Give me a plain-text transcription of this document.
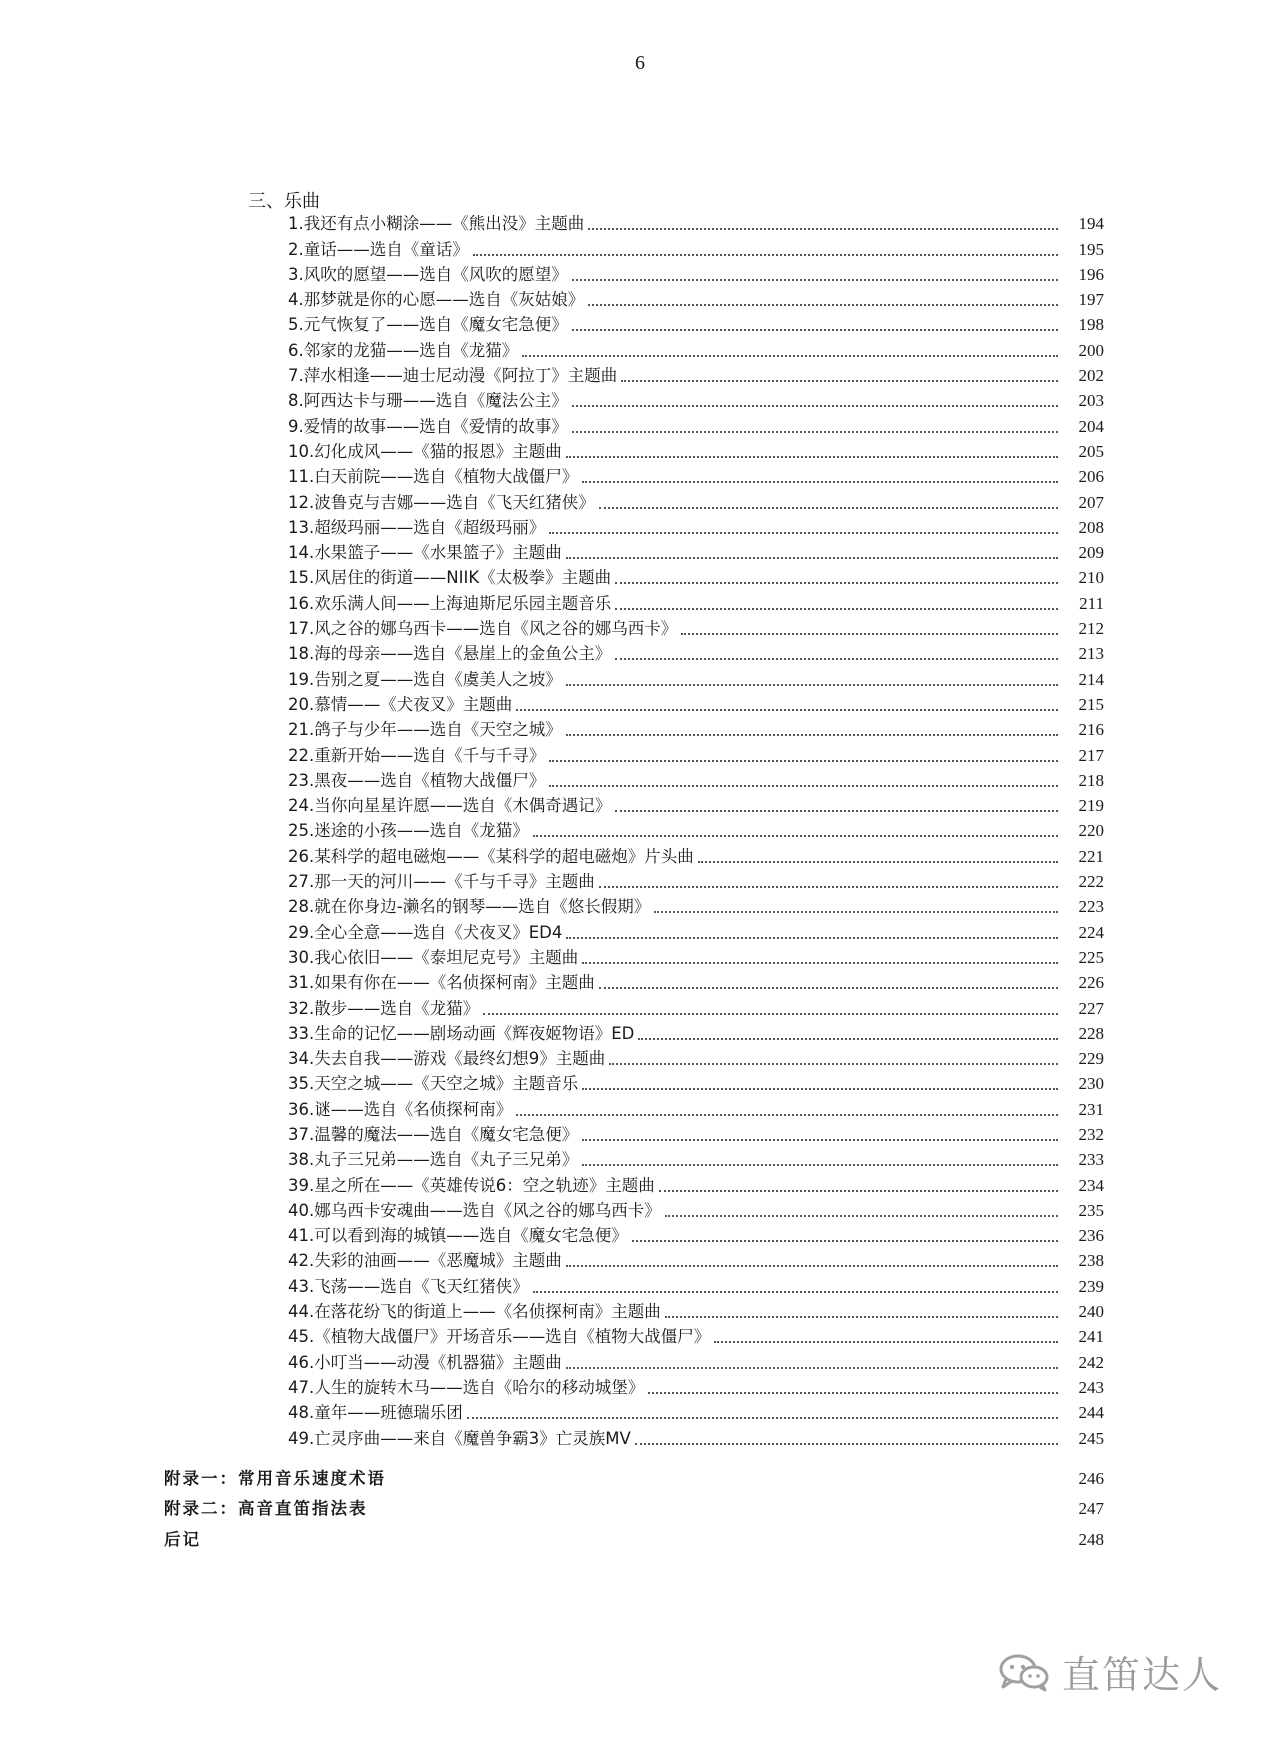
6
三、乐曲
1.我还有点小糊涂——《熊出没》主题曲	194
2.童话——选自《童话》	195
3.风吹的愿望——选自《风吹的愿望》	196
4.那梦就是你的心愿——选自《灰姑娘》	197
5.元气恢复了——选自《魔女宅急便》	198
6.邻家的龙猫——选自《龙猫》	200
7.萍水相逢——迪士尼动漫《阿拉丁》主题曲	202
8.阿西达卡与珊——选自《魔法公主》	203
9.爱情的故事——选自《爱情的故事》	204
10.幻化成风——《猫的报恩》主题曲	205
11.白天前院——选自《植物大战僵尸》	206
12.波鲁克与吉娜——选自《飞天红猪侠》	207
13.超级玛丽——选自《超级玛丽》	208
14.水果篮子——《水果篮子》主题曲	209
15.风居住的街道——NIIK《太极拳》主题曲	210
16.欢乐满人间——上海迪斯尼乐园主题音乐	211
17.风之谷的娜乌西卡——选自《风之谷的娜乌西卡》	212
18.海的母亲——选自《悬崖上的金鱼公主》	213
19.告别之夏——选自《虞美人之坡》	214
20.慕情——《犬夜叉》主题曲	215
21.鸽子与少年——选自《天空之城》	216
22.重新开始——选自《千与千寻》	217
23.黑夜——选自《植物大战僵尸》	218
24.当你向星星许愿——选自《木偶奇遇记》	219
25.迷途的小孩——选自《龙猫》	220
26.某科学的超电磁炮——《某科学的超电磁炮》片头曲	221
27.那一天的河川——《千与千寻》主题曲	222
28.就在你身边-濑名的钢琴——选自《悠长假期》	223
29.全心全意——选自《犬夜叉》ED4	224
30.我心依旧——《泰坦尼克号》主题曲	225
31.如果有你在——《名侦探柯南》主题曲	226
32.散步——选自《龙猫》	227
33.生命的记忆——剧场动画《辉夜姬物语》ED	228
34.失去自我——游戏《最终幻想9》主题曲	229
35.天空之城——《天空之城》主题音乐	230
36.谜——选自《名侦探柯南》	231
37.温馨的魔法——选自《魔女宅急便》	232
38.丸子三兄弟——选自《丸子三兄弟》	233
39.星之所在——《英雄传说6：空之轨迹》主题曲	234
40.娜乌西卡安魂曲——选自《风之谷的娜乌西卡》	235
41.可以看到海的城镇——选自《魔女宅急便》	236
42.失彩的油画——《恶魔城》主题曲	238
43.飞荡——选自《飞天红猪侠》	239
44.在落花纷飞的街道上——《名侦探柯南》主题曲	240
45.《植物大战僵尸》开场音乐——选自《植物大战僵尸》	241
46.小叮当——动漫《机器猫》主题曲	242
47.人生的旋转木马——选自《哈尔的移动城堡》	243
48.童年——班德瑞乐团	244
49.亡灵序曲——来自《魔兽争霸3》亡灵族MV	245
附录一：常用音乐速度术语	246
附录二：高音直笛指法表	247
后记	248
直笛达人
